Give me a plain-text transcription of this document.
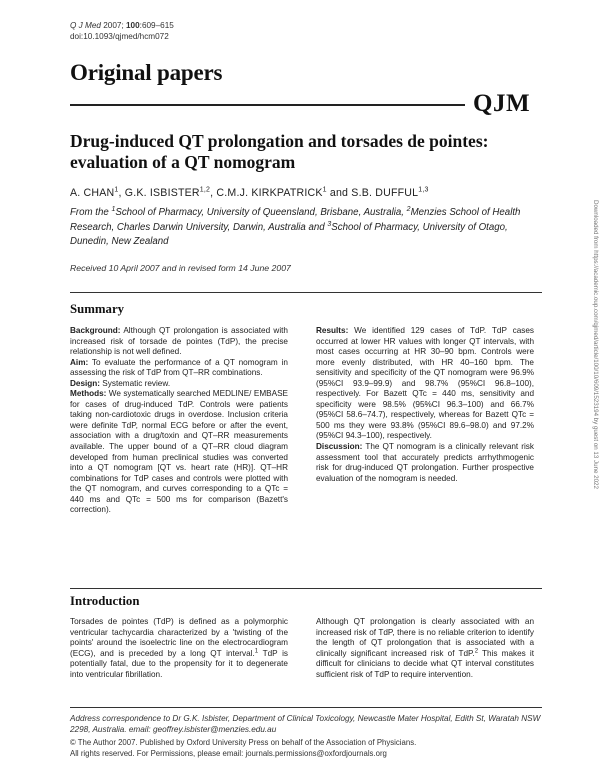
Q J Med 2007; 100:609–615
doi:10.1093/qjmed/hcm072
Original papers
QJM
Drug-induced QT prolongation and torsades de pointes:
evaluation of a QT nomogram
A. CHAN$^1$, G.K. ISBISTER$^{1,2}$, C.M.J. KIRKPATRICK$^1$ and S.B. DUFFUL$^{1,3}$
From the $^1$School of Pharmacy, University of Queensland, Brisbane, Australia, $^2$Menzies School of Health Research, Charles Darwin University, Darwin, Australia and $^3$School of Pharmacy, University of Otago, Dunedin, New Zealand
Received 10 April 2007 and in revised form 14 June 2007
Summary

Background: Although QT prolongation is associated with increased risk of torsade de pointes (TdP), the precise relationship is not well defined.

Aim: To evaluate the performance of a QT nomogram in assessing the risk of TdP from QT–RR combinations.

Design: Systematic review.

Methods: We systematically searched MEDLINE/ EMBASE for cases of drug-induced TdP. Controls were patients taking non-cardiotoxic drugs in overdose. Inclusion criteria were definite TdP, normal ECG before or after the event, association with a drug/toxin and QT–RR measurements available. The upper bound of a QT–RR cloud diagram developed from human preclinical studies was converted into a QT nomogram [QT vs. heart rate (HR)]. QT–HR combinations for TdP cases and controls were plotted with the QT nomogram, and curves corresponding to a QTc = 440 ms and QTc = 500 ms for comparison (Bazett's correction).

Results: We identified 129 cases of TdP. TdP cases occurred at lower HR values with longer QT intervals, with most cases occurring at HR 30–90 bpm. Controls were more evenly distributed, with HR 40–160 bpm. The sensitivity and specificity of the QT nomogram were 96.9% (95%CI 93.9–99.9) and 98.7% (95%CI 96.8–100), respectively. For Bazett QTc = 440 ms, sensitivity and specificity were 98.5% (95%CI 96.3–100) and 66.7% (95%CI 58.6–74.7), respectively, whereas for Bazett QTc = 500 ms they were 93.8% (95%CI 89.6–98.0) and 97.2% (95%CI 94.3–100), respectively.

Discussion: The QT nomogram is a clinically relevant risk assessment tool that accurately predicts arrhythmogenic risk for drug-induced QT prolongation. Further prospective evaluation of the nomogram is needed.

Introduction
Torsades de pointes (TdP) is defined as a polymorphic ventricular tachycardia characterized by a 'twisting of the points' around the isoelectric line on the electrocardiogram (ECG), and is preceded by a long QT interval.$^1$ TdP is potentially fatal, due to the propensity for it to degenerate into ventricular fibrillation.
Although QT prolongation is clearly associated with an increased risk of TdP, there is no reliable criterion to identify the length of QT prolongation that is associated with a clinically significant increased risk of TdP.$^2$ This makes it difficult for clinicians to decide what QT interval constitutes sufficient risk of TdP to require intervention.
Address correspondence to Dr G.K. Isbister, Department of Clinical Toxicology, Newcastle Mater Hospital, Edith St, Waratah NSW 2298, Australia. email: geoffrey.isbister@menzies.edu.au
© The Author 2007. Published by Oxford University Press on behalf of the Association of Physicians.
All rights reserved. For Permissions, please email: journals.permissions@oxfordjournals.org
Downloaded from https://academic.oup.com/qjmed/article/100/10/609/1523194 by guest on 13 June 2022
